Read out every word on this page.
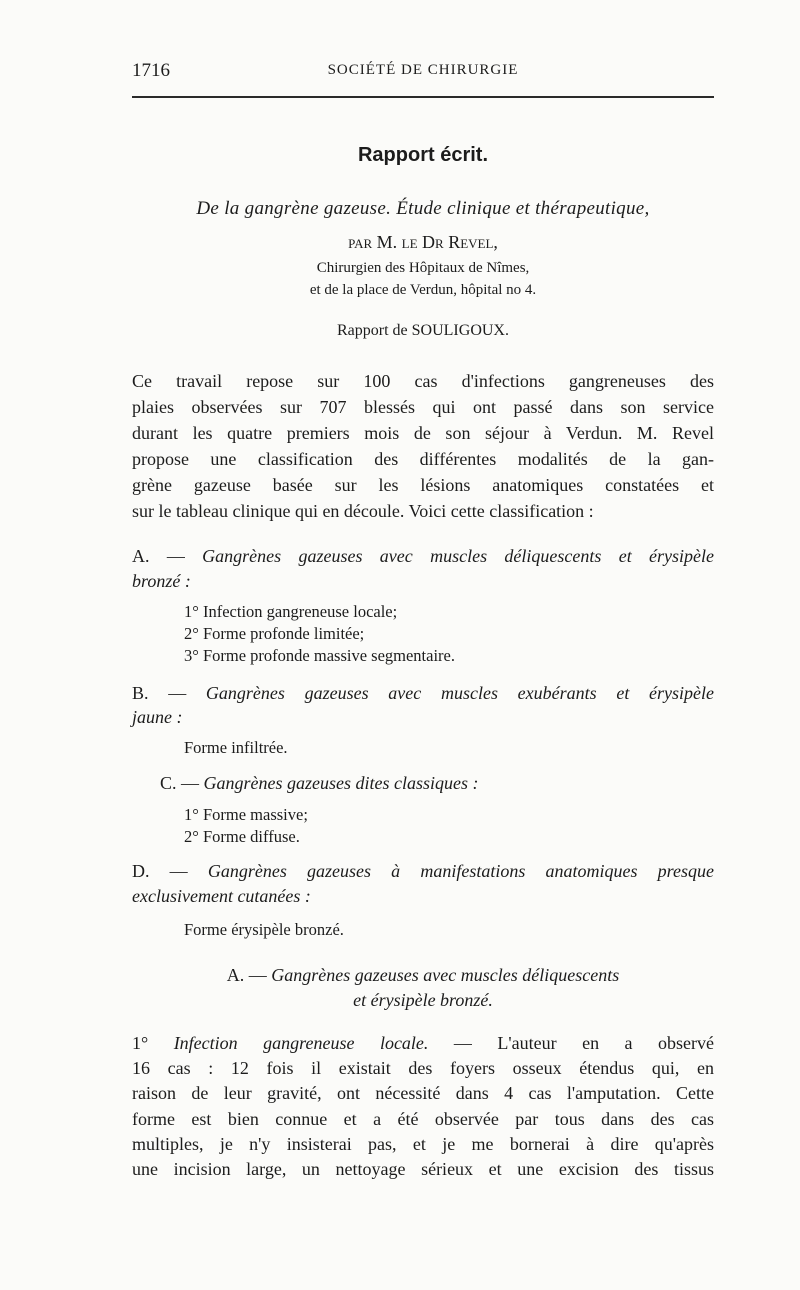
1716	SOCIÉTÉ DE CHIRURGIE
Rapport écrit.
De la gangrène gazeuse. Étude clinique et thérapeutique,
par M. le Dr Revel,
Chirurgien des Hôpitaux de Nîmes,
et de la place de Verdun, hôpital no 4.
Rapport de SOULIGOUX.
Ce travail repose sur 100 cas d'infections gangreneuses des
plaies observées sur 707 blessés qui ont passé dans son service
durant les quatre premiers mois de son séjour à Verdun. M. Revel
propose une classification des différentes modalités de la gan-
grène gazeuse basée sur les lésions anatomiques constatées et
sur le tableau clinique qui en découle. Voici cette classification :
A. — Gangrènes gazeuses avec muscles déliquescents et érysipèle
bronzé :
1° Infection gangreneuse locale;
2° Forme profonde limitée;
3° Forme profonde massive segmentaire.
B. — Gangrènes gazeuses avec muscles exubérants et érysipèle
jaune :
Forme infiltrée.
C. — Gangrènes gazeuses dites classiques :
1° Forme massive;
2° Forme diffuse.
D. — Gangrènes gazeuses à manifestations anatomiques presque
exclusivement cutanées :
Forme érysipèle bronzé.
A. — Gangrènes gazeuses avec muscles déliquescents
et érysipèle bronzé.
1° Infection gangreneuse locale. — L'auteur en a observé
16 cas : 12 fois il existait des foyers osseux étendus qui, en
raison de leur gravité, ont nécessité dans 4 cas l'amputation. Cette
forme est bien connue et a été observée par tous dans des cas
multiples, je n'y insisterai pas, et je me bornerai à dire qu'après
une incision large, un nettoyage sérieux et une excision des tissus
